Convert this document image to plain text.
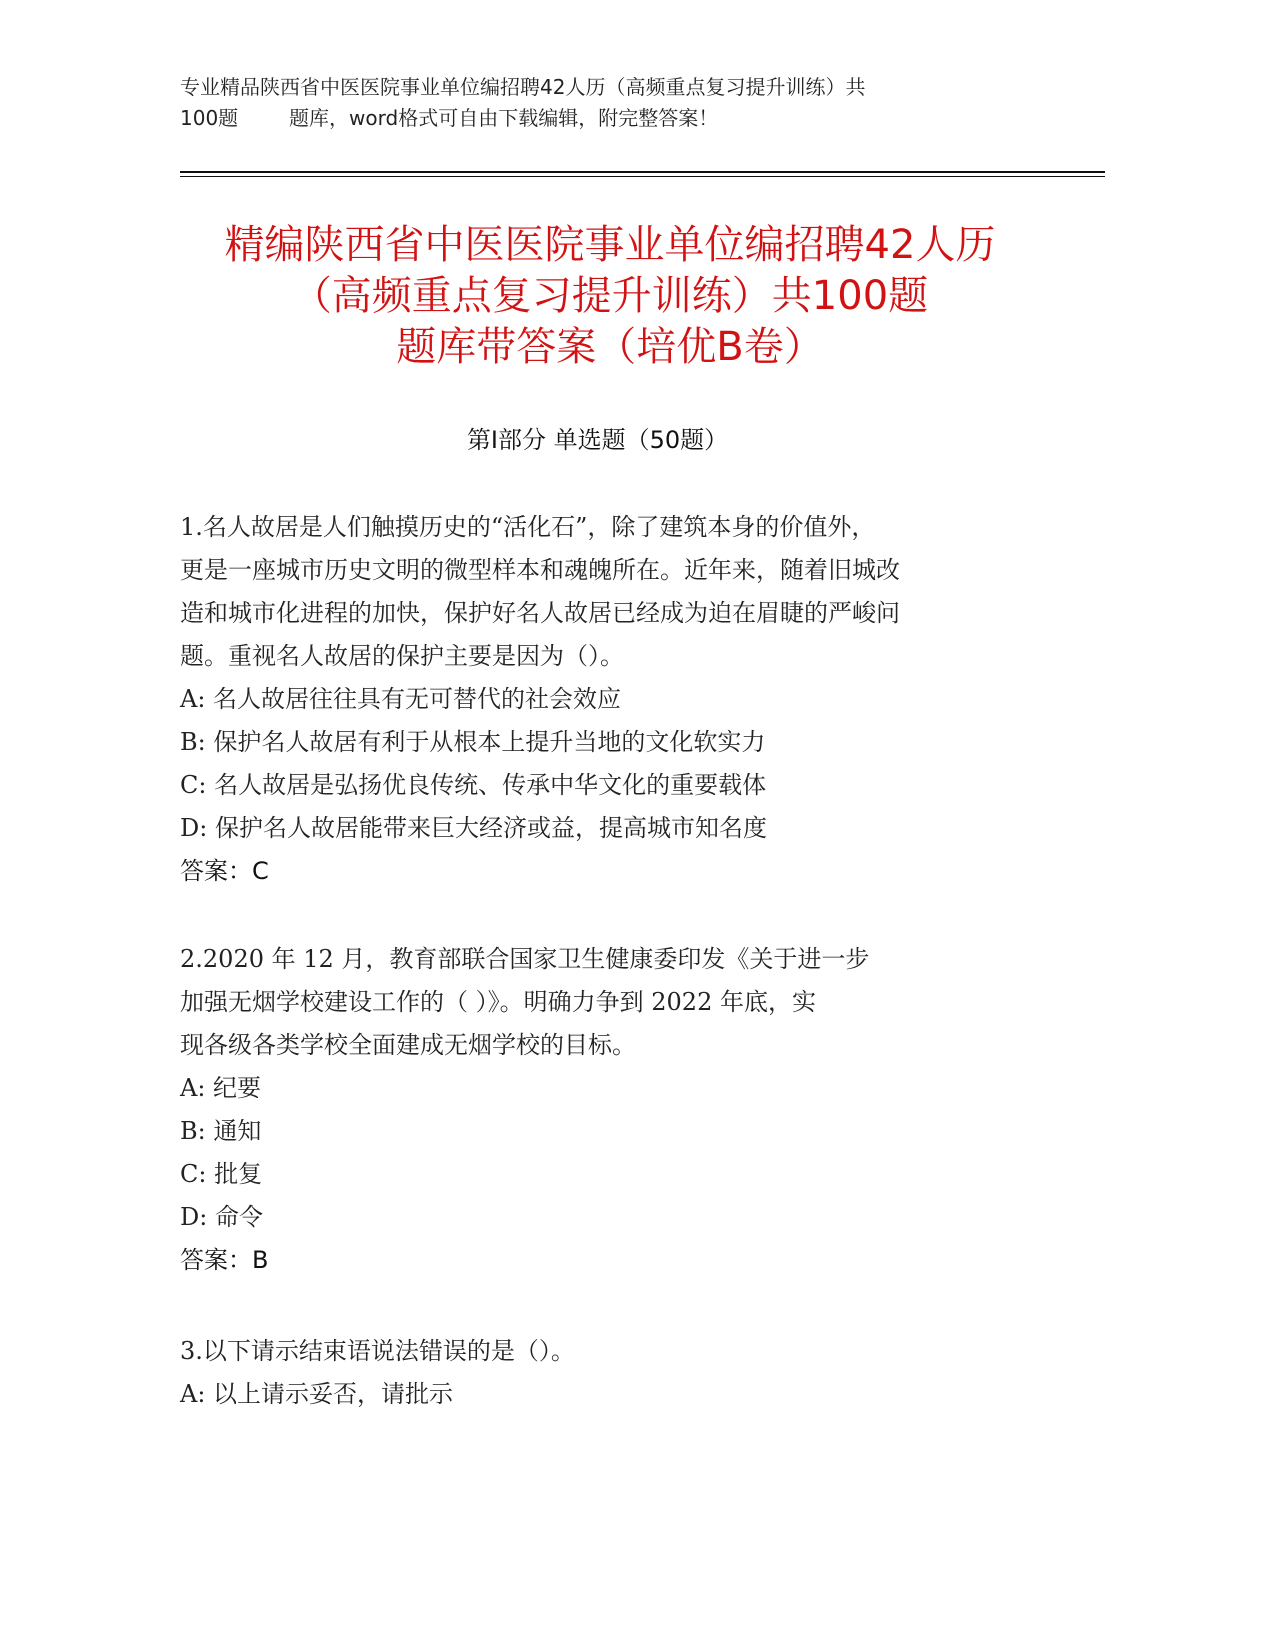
专业精品陕西省中医医院事业单位编招聘42人历（高频重点复习提升训练）共
100题        题库，word格式可自由下载编辑，附完整答案！
精编陕西省中医医院事业单位编招聘42人历
（高频重点复习提升训练）共100题
题库带答案（培优B卷）
第Ⅰ部分 单选题（50题）
1.名人故居是人们触摸历史的“活化石”，除了建筑本身的价值外，
更是一座城市历史文明的微型样本和魂魄所在。近年来，随着旧城改
造和城市化进程的加快，保护好名人故居已经成为迫在眉睫的严峻问
题。重视名人故居的保护主要是因为（）。
A: 名人故居往往具有无可替代的社会效应
B: 保护名人故居有利于从根本上提升当地的文化软实力
C: 名人故居是弘扬优良传统、传承中华文化的重要载体
D: 保护名人故居能带来巨大经济或益，提高城市知名度
答案：C
2.2020 年 12 月，教育部联合国家卫生健康委印发《关于进一步
加强无烟学校建设工作的（ ）》。明确力争到 2022 年底，实
现各级各类学校全面建成无烟学校的目标。
A: 纪要
B: 通知
C: 批复
D: 命令
答案：B
3.以下请示结束语说法错误的是（）。
A: 以上请示妥否，请批示
